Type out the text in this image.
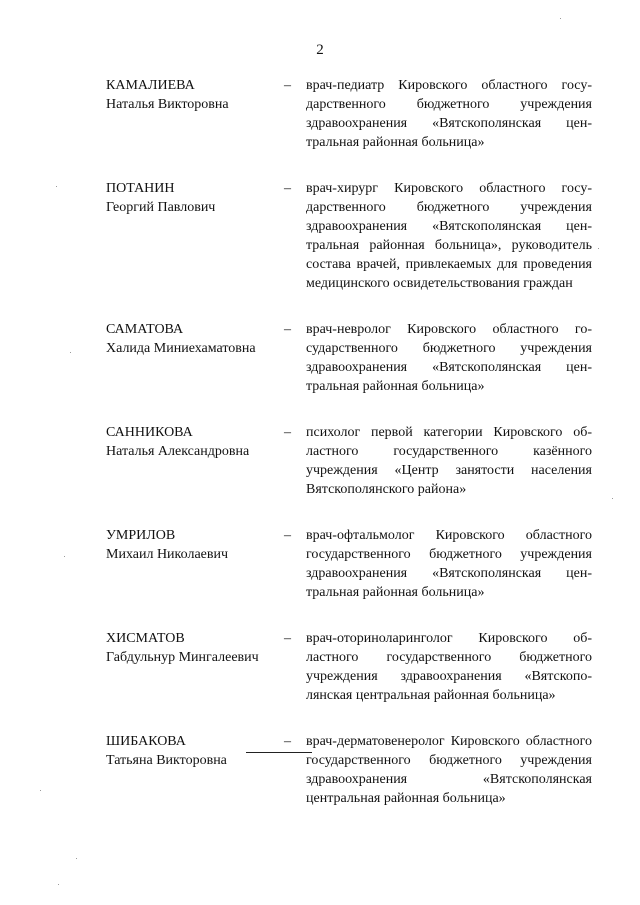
2
КАМАЛИЕВА
Наталья Викторовна
–	врач-педиатр Кировского областного государственного бюджетного учреждения здравоохранения «Вятскополянская центральная районная больница»
ПОТАНИН
Георгий Павлович
–	врач-хирург Кировского областного государственного бюджетного учреждения здравоохранения «Вятскополянская центральная районная больница», руководитель состава врачей, привлекаемых для проведения медицинского освидетельствования граждан
САМАТОВА
Халида Миниехаматовна
–	врач-невролог Кировского областного государственного бюджетного учреждения здравоохранения «Вятскополянская центральная районная больница»
САННИКОВА
Наталья Александровна
–	психолог первой категории Кировского областного государственного казённого учреждения «Центр занятости населения Вятскополянского района»
УМРИЛОВ
Михаил Николаевич
–	врач-офтальмолог Кировского областного государственного бюджетного учреждения здравоохранения «Вятскополянская центральная районная больница»
ХИСМАТОВ
Габдульнур Мингалеевич
–	врач-оториноларинголог Кировского областного государственного бюджетного учреждения здравоохранения «Вятскополянская центральная районная больница»
ШИБАКОВА
Татьяна Викторовна
–	врач-дерматовенеролог Кировского областного государственного бюджетного учреждения здравоохранения «Вятскополянская центральная районная больница»
